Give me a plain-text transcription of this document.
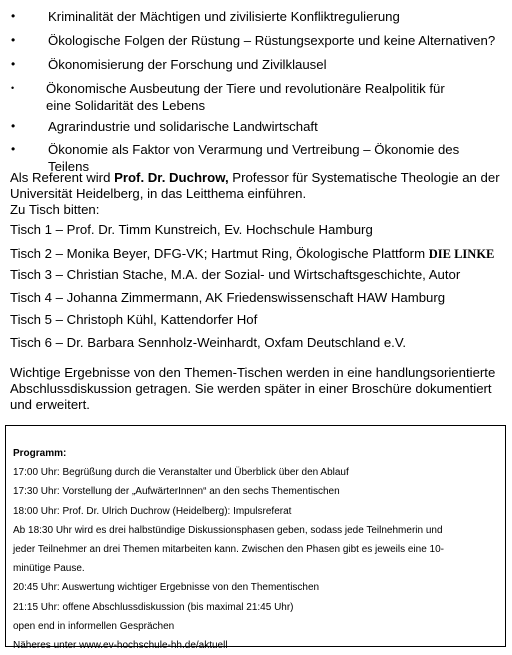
• Kriminalität der Mächtigen und zivilisierte Konfliktregulierung
• Ökologische Folgen der Rüstung – Rüstungsexporte und keine Alternativen?
• Ökonomisierung der Forschung und Zivilklausel
• Ökonomische Ausbeutung der Tiere und revolutionäre Realpolitik für eine Solidarität des Lebens
• Agrarindustrie und solidarische Landwirtschaft
• Ökonomie als Faktor von Verarmung und Vertreibung – Ökonomie des Teilens
Als Referent wird Prof. Dr. Duchrow, Professor für Systematische Theologie an der Universität Heidelberg, in das Leitthema einführen.
Zu Tisch bitten:
Tisch 1 – Prof. Dr. Timm Kunstreich, Ev. Hochschule Hamburg
Tisch 2 – Monika Beyer, DFG-VK; Hartmut Ring, Ökologische Plattform DIE LINKE
Tisch 3 – Christian Stache, M.A. der Sozial- und Wirtschaftsgeschichte, Autor
Tisch 4 – Johanna Zimmermann, AK Friedenswissenschaft HAW Hamburg
Tisch 5 – Christoph Kühl, Kattendorfer Hof
Tisch 6 – Dr. Barbara Sennholz-Weinhardt, Oxfam Deutschland e.V.
Wichtige Ergebnisse von den Themen-Tischen werden in eine handlungsorientierte Abschlussdiskussion getragen. Sie werden später in einer Broschüre dokumentiert und erweitert.
Programm:
17:00 Uhr: Begrüßung durch die Veranstalter und Überblick über den Ablauf
17:30 Uhr: Vorstellung der „AufwärterInnen“ an den sechs Thementischen
18:00 Uhr: Prof. Dr. Ulrich Duchrow (Heidelberg): Impulsreferat
Ab 18:30 Uhr wird es drei halbstündige Diskussionsphasen geben, sodass jede Teilnehmerin und
jeder Teilnehmer an drei Themen mitarbeiten kann. Zwischen den Phasen gibt es jeweils eine 10-
minütige Pause.
20:45 Uhr: Auswertung wichtiger Ergebnisse von den Thementischen
21:15 Uhr: offene Abschlussdiskussion (bis maximal 21:45 Uhr)
open end in informellen Gesprächen
Näheres unter www.ev-hochschule-hh.de/aktuell
